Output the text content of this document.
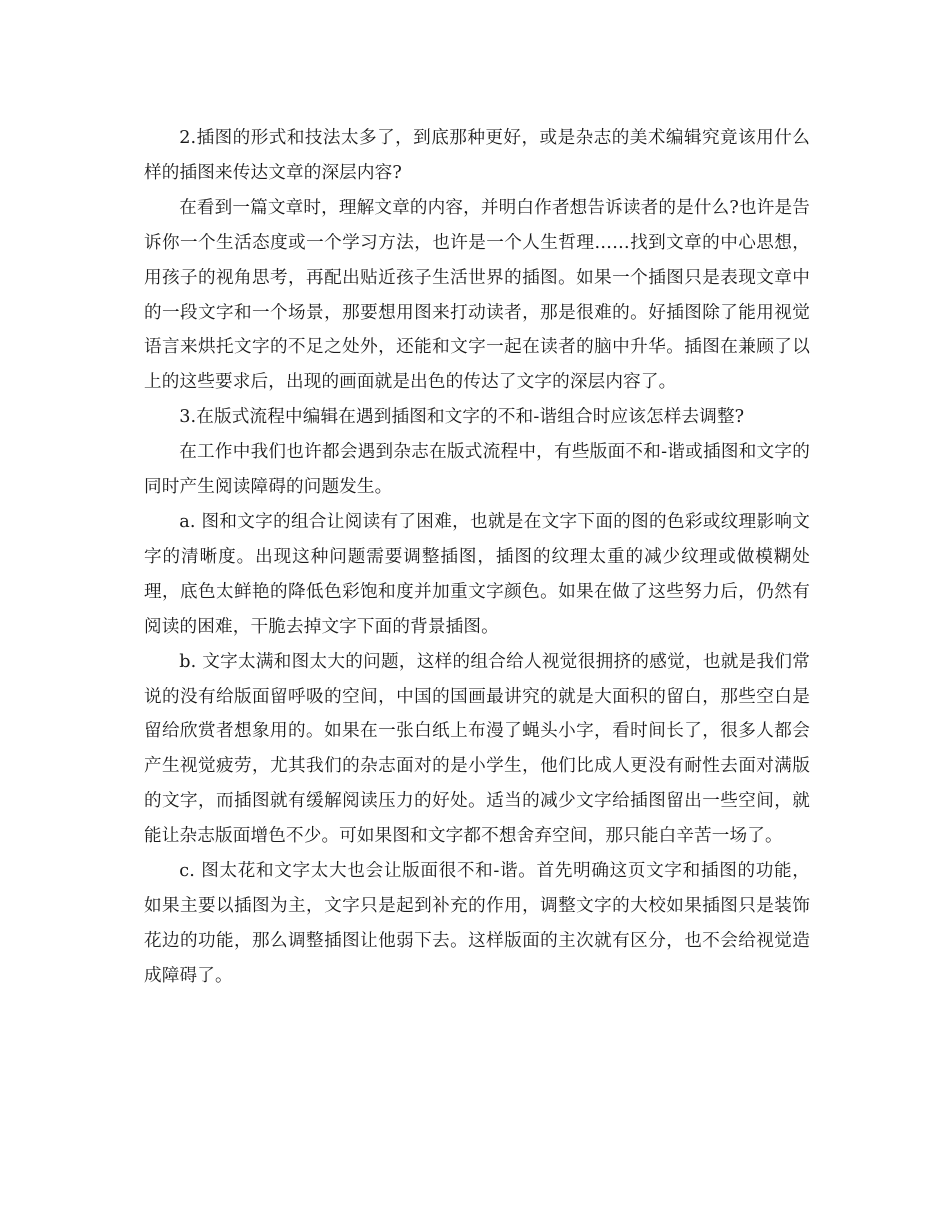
2.插图的形式和技法太多了，到底那种更好，或是杂志的美术编辑究竟该用什么样的插图来传达文章的深层内容?

在看到一篇文章时，理解文章的内容，并明白作者想告诉读者的是什么?也许是告诉你一个生活态度或一个学习方法，也许是一个人生哲理……找到文章的中心思想，用孩子的视角思考，再配出贴近孩子生活世界的插图。如果一个插图只是表现文章中的一段文字和一个场景，那要想用图来打动读者，那是很难的。好插图除了能用视觉语言来烘托文字的不足之处外，还能和文字一起在读者的脑中升华。插图在兼顾了以上的这些要求后，出现的画面就是出色的传达了文字的深层内容了。

3.在版式流程中编辑在遇到插图和文字的不和-谐组合时应该怎样去调整?

在工作中我们也许都会遇到杂志在版式流程中，有些版面不和-谐或插图和文字的同时产生阅读障碍的问题发生。

a. 图和文字的组合让阅读有了困难，也就是在文字下面的图的色彩或纹理影响文字的清晰度。出现这种问题需要调整插图，插图的纹理太重的减少纹理或做模糊处理，底色太鲜艳的降低色彩饱和度并加重文字颜色。如果在做了这些努力后，仍然有阅读的困难，干脆去掉文字下面的背景插图。

b. 文字太满和图太大的问题，这样的组合给人视觉很拥挤的感觉，也就是我们常说的没有给版面留呼吸的空间，中国的国画最讲究的就是大面积的留白，那些空白是留给欣赏者想象用的。如果在一张白纸上布漫了蝇头小字，看时间长了，很多人都会产生视觉疲劳，尤其我们的杂志面对的是小学生，他们比成人更没有耐性去面对满版的文字，而插图就有缓解阅读压力的好处。适当的减少文字给插图留出一些空间，就能让杂志版面增色不少。可如果图和文字都不想舍弃空间，那只能白辛苦一场了。

c. 图太花和文字太大也会让版面很不和-谐。首先明确这页文字和插图的功能，如果主要以插图为主，文字只是起到补充的作用，调整文字的大校如果插图只是装饰花边的功能，那么调整插图让他弱下去。这样版面的主次就有区分，也不会给视觉造成障碍了。
